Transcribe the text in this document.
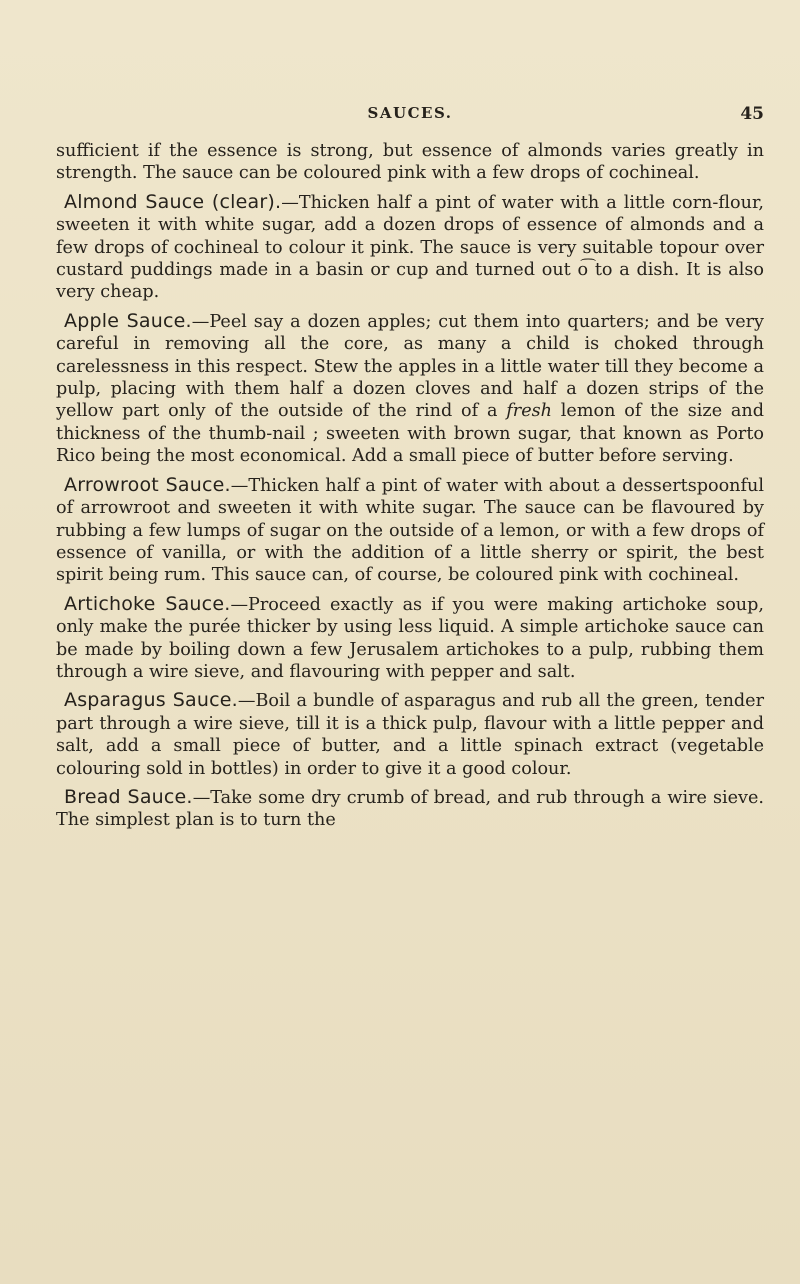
SAUCES.	45

sufficient if the essence is strong, but essence of almonds varies greatly in strength. The sauce can be coloured pink with a few drops of cochineal.

Almond Sauce (clear).—Thicken half a pint of water with a little corn-flour, sweeten it with white sugar, add a dozen drops of essence of almonds and a few drops of cochineal to colour it pink. The sauce is very suitable topour over custard puddings made in a basin or cup and turned out o͡ to a dish. It is also very cheap.

Apple Sauce.—Peel say a dozen apples; cut them into quarters; and be very careful in removing all the core, as many a child is choked through carelessness in this respect. Stew the apples in a little water till they become a pulp, placing with them half a dozen cloves and half a dozen strips of the yellow part only of the outside of the rind of a fresh lemon of the size and thickness of the thumb-nail ; sweeten with brown sugar, that known as Porto Rico being the most economical. Add a small piece of butter before serving.

Arrowroot Sauce.—Thicken half a pint of water with about a dessertspoonful of arrowroot and sweeten it with white sugar. The sauce can be flavoured by rubbing a few lumps of sugar on the outside of a lemon, or with a few drops of essence of vanilla, or with the addition of a little sherry or spirit, the best spirit being rum. This sauce can, of course, be coloured pink with cochineal.

Artichoke Sauce.—Proceed exactly as if you were making artichoke soup, only make the purée thicker by using less liquid. A simple artichoke sauce can be made by boiling down a few Jerusalem artichokes to a pulp, rubbing them through a wire sieve, and flavouring with pepper and salt.

Asparagus Sauce.—Boil a bundle of asparagus and rub all the green, tender part through a wire sieve, till it is a thick pulp, flavour with a little pepper and salt, add a small piece of butter, and a little spinach extract (vegetable colouring sold in bottles) in order to give it a good colour.

Bread Sauce.—Take some dry crumb of bread, and rub through a wire sieve. The simplest plan is to turn the
